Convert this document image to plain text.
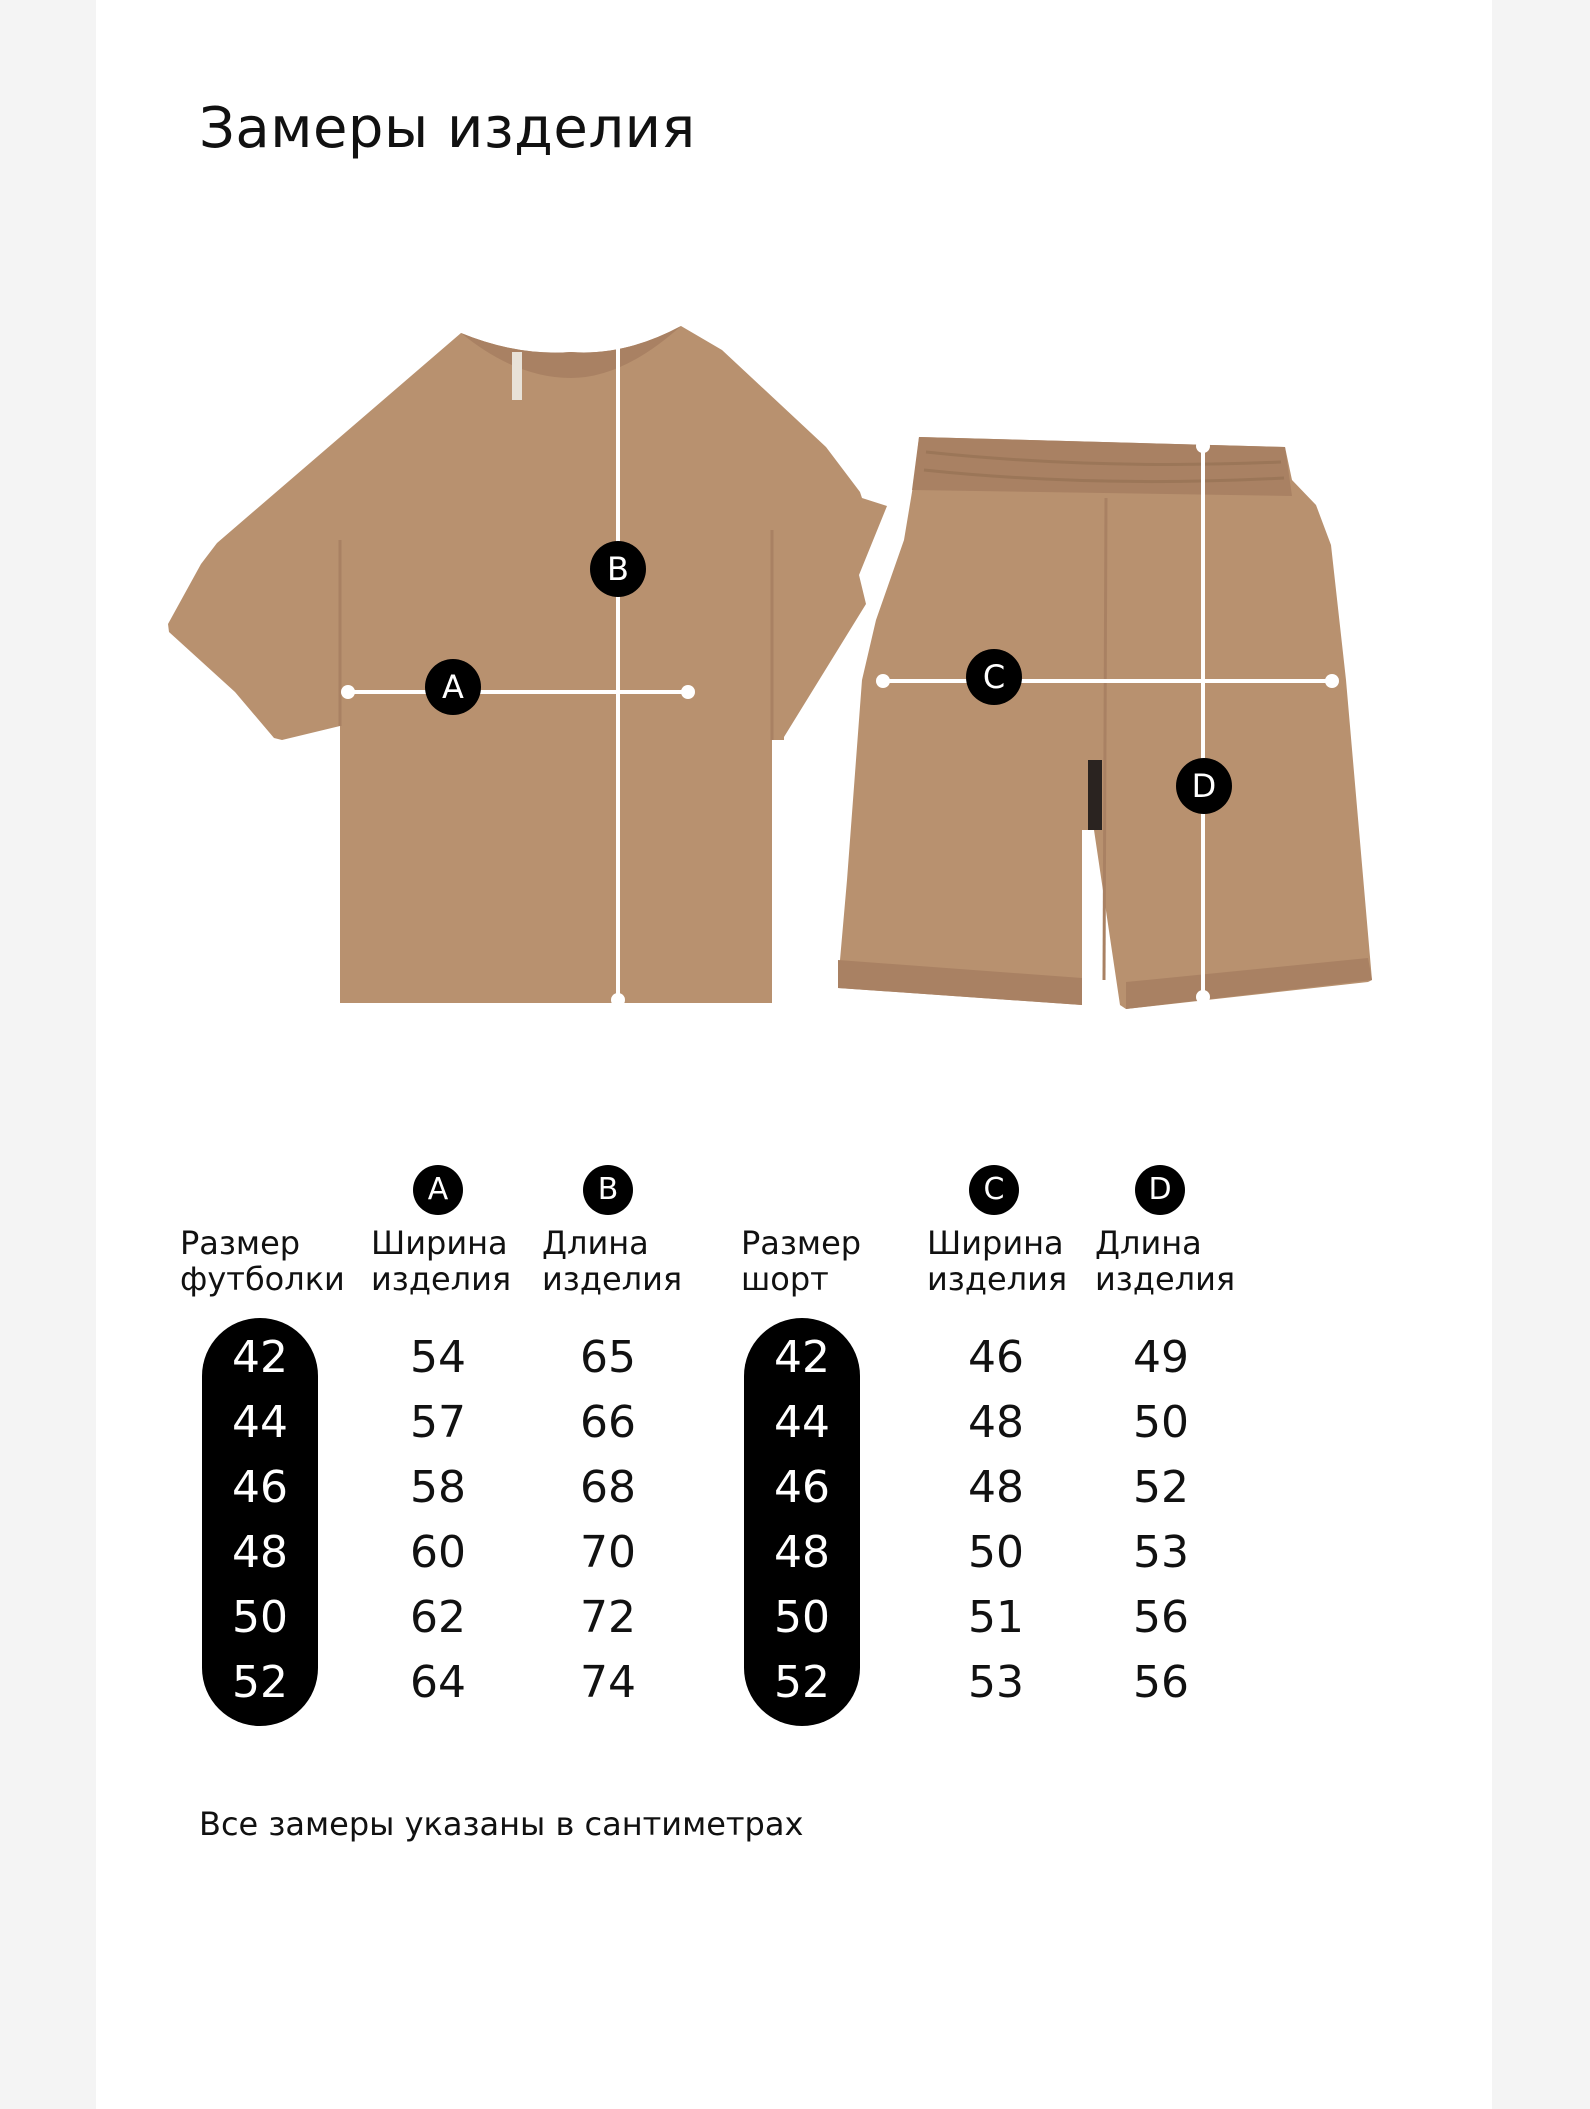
Замеры изделия
A
B
C
D
A	B
Размер
футболки
Ширина
изделия
Длина
изделия
42	54	65
44	57	66
46	58	68
48	60	70
50	62	72
52	64	74
C	D
Размер
шорт
Ширина
изделия
Длина
изделия
42	46	49
44	48	50
46	48	52
48	50	53
50	51	56
52	53	56
Все замеры указаны в сантиметрах
